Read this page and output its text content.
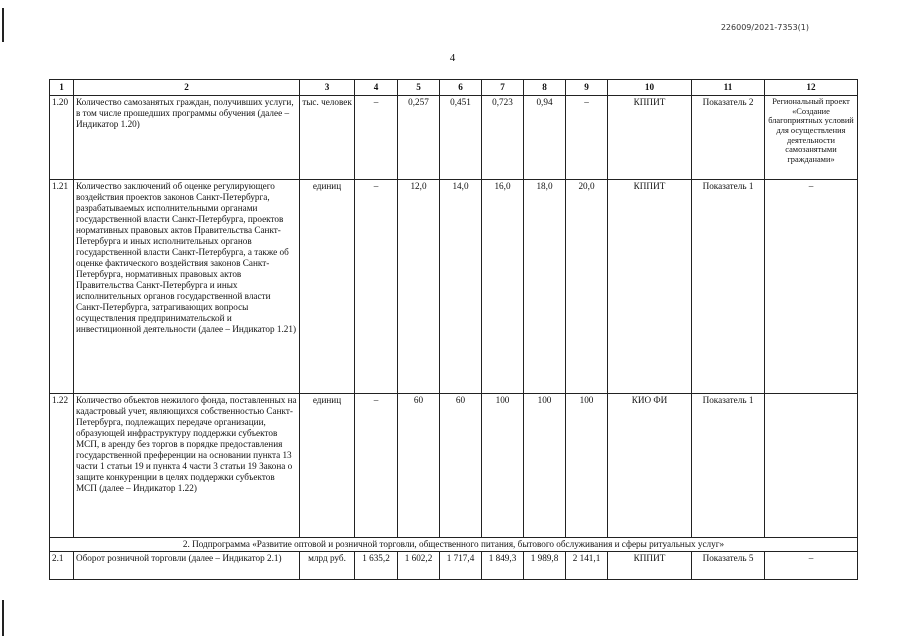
226009/2021-7353(1)
4
1	2	3	4	5	6	7	8	9	10	11	12
1.20	Количество самозанятых граждан, получивших услуги, в том числе прошедших программы обучения (далее – Индикатор 1.20)	тыс. человек	–	0,257	0,451	0,723	0,94	–	КППИТ	Показатель 2	Региональный проект «Создание благоприятных условий для осуществления деятельности самозанятыми гражданами»
1.21	Количество заключений об оценке регулирующего воздействия проектов законов Санкт-Петербурга, разрабатываемых исполнительными органами государственной власти Санкт-Петербурга, проектов нормативных правовых актов Правительства Санкт-Петербурга и иных исполнительных органов государственной власти Санкт-Петербурга, а также об оценке фактического воздействия законов Санкт-Петербурга, нормативных правовых актов Правительства Санкт-Петербурга и иных исполнительных органов государственной власти Санкт-Петербурга, затрагивающих вопросы осуществления предпринимательской и инвестиционной деятельности (далее – Индикатор 1.21)	единиц	–	12,0	14,0	16,0	18,0	20,0	КППИТ	Показатель 1	–
1.22	Количество объектов нежилого фонда, поставленных на кадастровый учет, являющихся собственностью Санкт-Петербурга, подлежащих передаче организации, образующей инфраструктуру поддержки субъектов МСП, в аренду без торгов в порядке предоставления государственной преференции на основании пункта 13 части 1 статьи 19 и пункта 4 части 3 статьи 19 Закона о защите конкуренции в целях поддержки субъектов МСП (далее – Индикатор 1.22)	единиц	–	60	60	100	100	100	КИО ФИ	Показатель 1	
2. Подпрограмма «Развитие оптовой и розничной торговли, общественного питания, бытового обслуживания и сферы ритуальных услуг»											
2.1	Оборот розничной торговли (далее – Индикатор 2.1)	млрд руб.	1 635,2	1 602,2	1 717,4	1 849,3	1 989,8	2 141,1	КППИТ	Показатель 5	–
